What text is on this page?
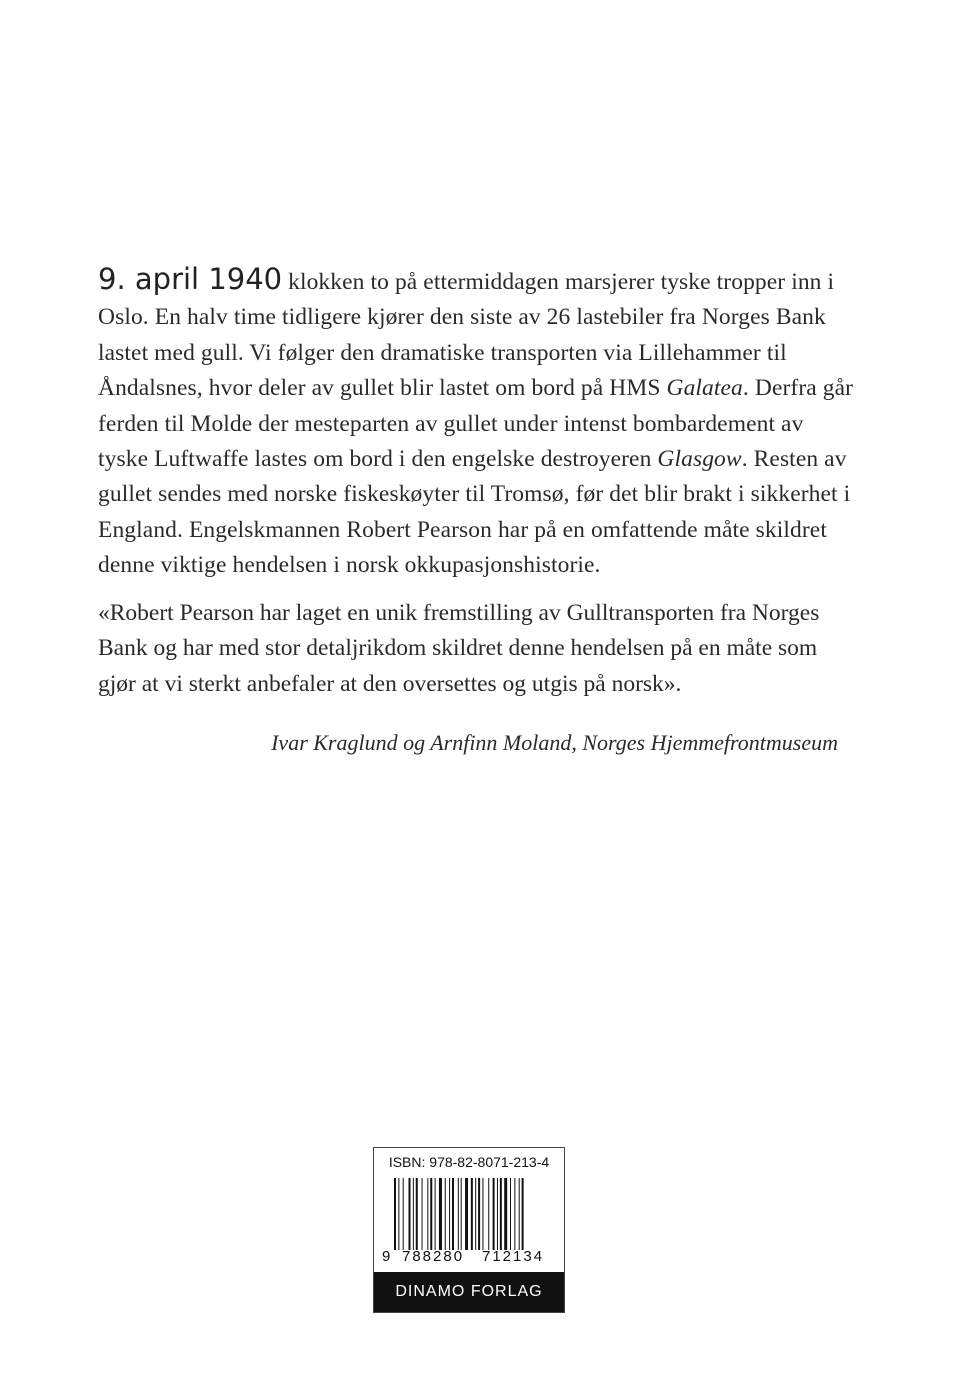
9. april 1940 klokken to på ettermiddagen marsjerer tyske tropper inn i Oslo. En halv time tidligere kjører den siste av 26 lastebiler fra Norges Bank lastet med gull. Vi følger den dramatiske transporten via Lillehammer til Åndalsnes, hvor deler av gullet blir lastet om bord på HMS Galatea. Derfra går ferden til Molde der mesteparten av gullet under intenst bombardement av tyske Luftwaffe lastes om bord i den engelske destroyeren Glasgow. Resten av gullet sendes med norske fiskeskøyter til Tromsø, før det blir brakt i sikkerhet i England. Engelskmannen Robert Pearson har på en omfattende måte skildret denne viktige hendelsen i norsk okkupasjonshistorie.

«Robert Pearson har laget en unik fremstilling av Gulltransporten fra Norges Bank og har med stor detaljrikdom skildret denne hendelsen på en måte som gjør at vi sterkt anbefaler at den oversettes og utgis på norsk».

Ivar Kraglund og Arnfinn Moland, Norges Hjemmefrontmuseum
ISBN: 978-82-8071-213-4
9 788280 712134
DINAMO FORLAG
